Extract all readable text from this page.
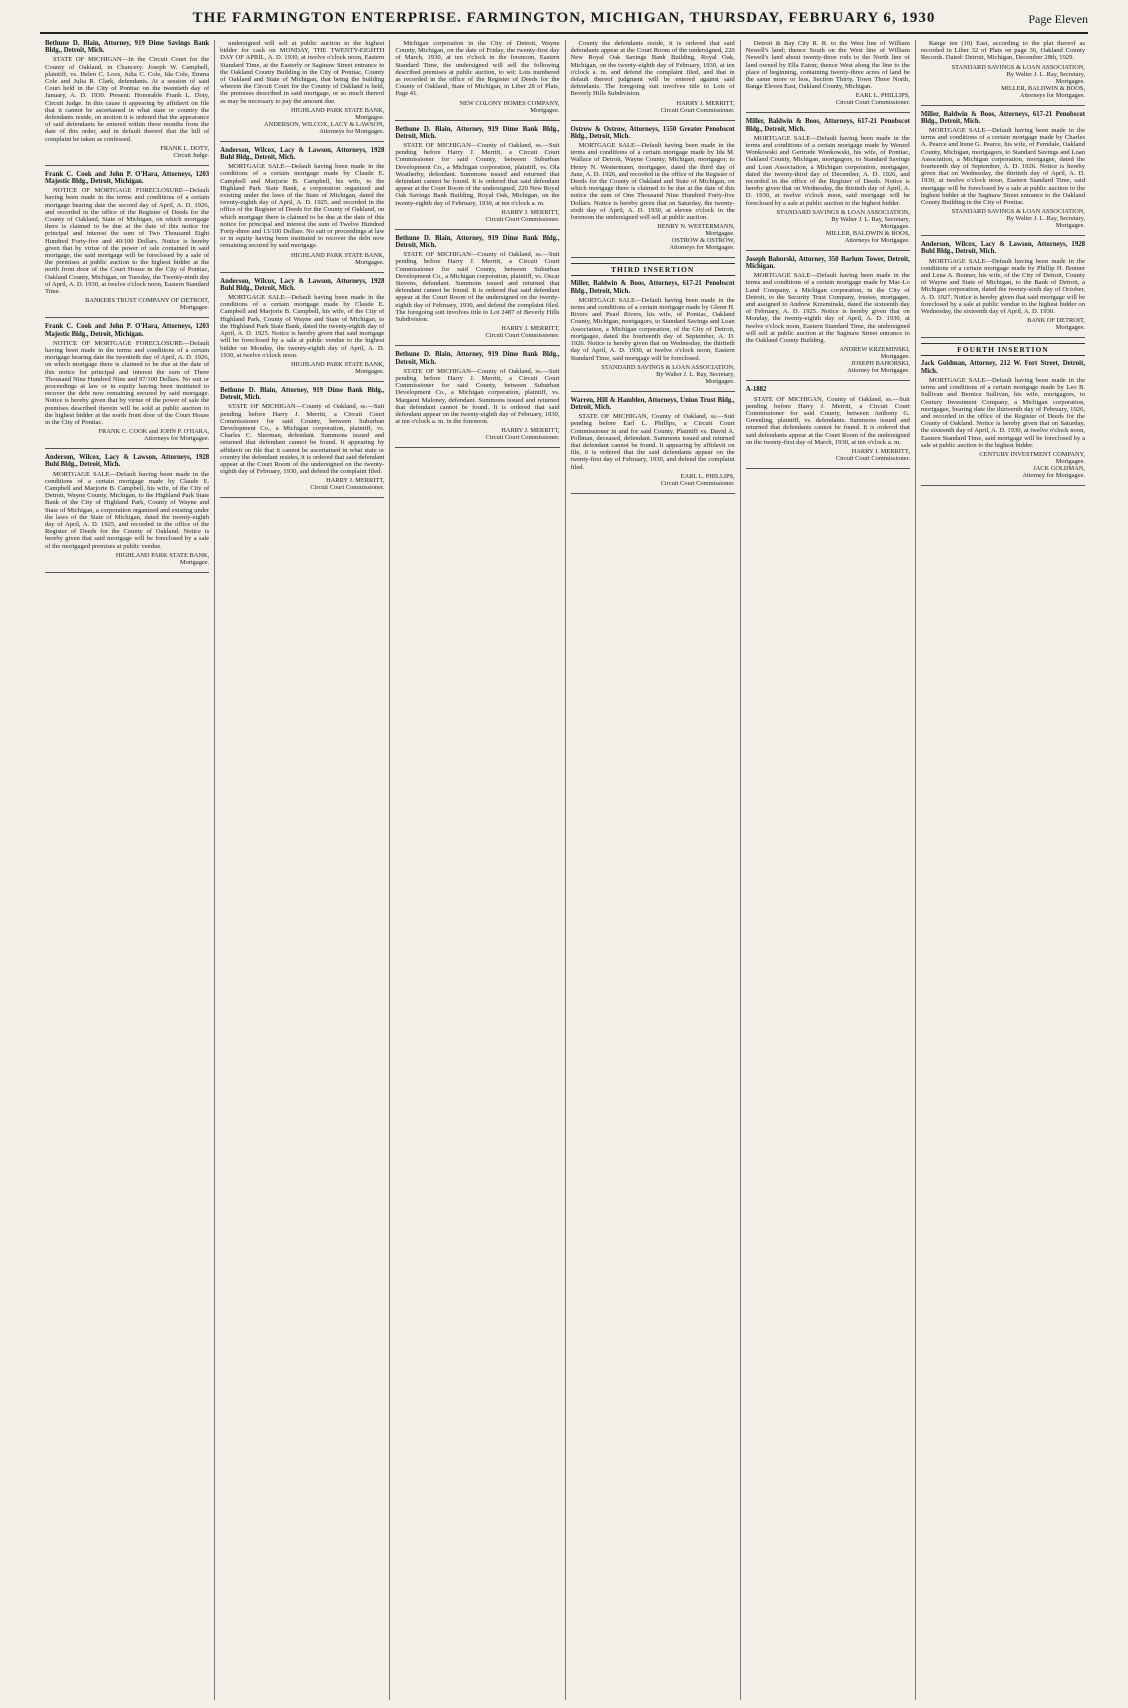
THE FARMINGTON ENTERPRISE. FARMINGTON, MICHIGAN, THURSDAY, FEBRUARY 6, 1930	Page Eleven
Bethune D. Blain, Attorney, 919 Dime Savings Bank Bldg., Detroit, Mich.
STATE OF MICHIGAN—In the Circuit Court for the County of Oakland, in Chancery. Joseph W. Campbell, plaintiff, vs. Helen C. Loos, Julia C. Cole, Ida Cole, Emma Cole and Julia R. Clark, defendants. At a session of said Court held in the City of Pontiac on the twentieth day of January, A. D. 1930. Present: Honorable Frank L. Doty, Circuit Judge. In this cause it appearing by affidavit on file that it cannot be ascertained in what state or country the defendants reside, on motion it is ordered that the appearance of said defendants be entered within three months from the date of this order, and in default thereof that the bill of complaint be taken as confessed.
FRANK L. DOTY,
Circuit Judge.
Frank C. Cook and John P. O'Hara, Attorneys, 1203 Majestic Bldg., Detroit, Michigan.
NOTICE OF MORTGAGE FORECLOSURE—Default having been made in the terms and conditions of a certain mortgage bearing date the second day of April, A. D. 1926, and recorded in the office of the Register of Deeds for the County of Oakland, State of Michigan, on which mortgage there is claimed to be due at the date of this notice for principal and interest the sum of Two Thousand Eight Hundred Forty-five and 40/100 Dollars. Notice is hereby given that by virtue of the power of sale contained in said mortgage, the said mortgage will be foreclosed by a sale of the premises at public auction to the highest bidder at the north front door of the Court House in the City of Pontiac, Oakland County, Michigan, on Tuesday, the Twenty-ninth day of April, A. D. 1930, at twelve o'clock noon, Eastern Standard Time.
BANKERS TRUST COMPANY OF DETROIT,
Mortgagee.
Frank C. Cook and John P. O'Hara, Attorneys, 1203 Majestic Bldg., Detroit, Michigan.
NOTICE OF MORTGAGE FORECLOSURE—Default having been made in the terms and conditions of a certain mortgage bearing date the twentieth day of April, A. D. 1926, on which mortgage there is claimed to be due at the date of this notice for principal and interest the sum of Three Thousand Nine Hundred Nine and 97/100 Dollars. No suit or proceedings at law or in equity having been instituted to recover the debt now remaining secured by said mortgage. Notice is hereby given that by virtue of the power of sale the premises described therein will be sold at public auction to the highest bidder at the north front door of the Court House in the City of Pontiac.
FRANK C. COOK and JOHN P. O'HARA,
Attorneys for Mortgagee.
Anderson, Wilcox, Lacy & Lawson, Attorneys, 1928 Buhl Bldg., Detroit, Mich.
MORTGAGE SALE—Default having been made in the conditions of a certain mortgage made by Claude E. Campbell and Marjorie B. Campbell, his wife, of the City of Detroit, Wayne County, Michigan, to the Highland Park State Bank of the City of Highland Park, County of Wayne and State of Michigan, a corporation organized and existing under the laws of the State of Michigan, dated the twenty-eighth day of April, A. D. 1925, and recorded in the office of the Register of Deeds for the County of Oakland. Notice is hereby given that said mortgage will be foreclosed by a sale of the mortgaged premises at public vendue.
HIGHLAND PARK STATE BANK,
Mortgagee.
undersigned will sell at public auction to the highest bidder for cash on MONDAY, THE TWENTY-EIGHTH DAY OF APRIL, A. D. 1930, at twelve o'clock noon, Eastern Standard Time, at the Easterly or Saginaw Street entrance to the Oakland County Building in the City of Pontiac, County of Oakland and State of Michigan, that being the building wherein the Circuit Court for the County of Oakland is held, the premises described in said mortgage, or so much thereof as may be necessary to pay the amount due.
HIGHLAND PARK STATE BANK,
Mortgagee.
ANDERSON, WILCOX, LACY & LAWSON,
Attorneys for Mortgagee.
Anderson, Wilcox, Lacy & Lawson, Attorneys, 1928 Buhl Bldg., Detroit, Mich.
MORTGAGE SALE—Default having been made in the conditions of a certain mortgage made by Claude E. Campbell and Marjorie B. Campbell, his wife, to the Highland Park State Bank, a corporation organized and existing under the laws of the State of Michigan, dated the twenty-eighth day of April, A. D. 1925, and recorded in the office of the Register of Deeds for the County of Oakland, on which mortgage there is claimed to be due at the date of this notice for principal and interest the sum of Twelve Hundred Forty-three and 13/100 Dollars. No suit or proceedings at law or in equity having been instituted to recover the debt now remaining secured by said mortgage.
HIGHLAND PARK STATE BANK,
Mortgagee.
Anderson, Wilcox, Lacy & Lawson, Attorneys, 1928 Buhl Bldg., Detroit, Mich.
MORTGAGE SALE—Default having been made in the conditions of a certain mortgage made by Claude E. Campbell and Marjorie B. Campbell, his wife, of the City of Highland Park, County of Wayne and State of Michigan, to the Highland Park State Bank, dated the twenty-eighth day of April, A. D. 1925. Notice is hereby given that said mortgage will be foreclosed by a sale at public vendue to the highest bidder on Monday, the twenty-eighth day of April, A. D. 1930, at twelve o'clock noon.
HIGHLAND PARK STATE BANK,
Mortgagee.
Bethune D. Blain, Attorney, 919 Dime Bank Bldg., Detroit, Mich.
STATE OF MICHIGAN—County of Oakland, ss.—Suit pending before Harry J. Merritt, a Circuit Court Commissioner for said County, between Suburban Development Co., a Michigan corporation, plaintiff, vs. Charles C. Sherman, defendant. Summons issued and returned that defendant cannot be found. It appearing by affidavit on file that it cannot be ascertained in what state or country the defendant resides, it is ordered that said defendant appear at the Court Room of the undersigned on the twenty-eighth day of February, 1930, and defend the complaint filed.
HARRY J. MERRITT,
Circuit Court Commissioner.
Michigan corporation in the City of Detroit, Wayne County, Michigan, on the date of Friday, the twenty-first day of March, 1930, at ten o'clock in the forenoon, Eastern Standard Time, the undersigned will sell the following described premises at public auction, to wit: Lots numbered as recorded in the office of the Register of Deeds for the County of Oakland, State of Michigan, in Liber 28 of Plats, Page 41.
NEW COLONY HOMES COMPANY,
Mortgagee.
Bethune D. Blain, Attorney, 919 Dime Bank Bldg., Detroit, Mich.
STATE OF MICHIGAN—County of Oakland, ss.—Suit pending before Harry J. Merritt, a Circuit Court Commissioner for said County, between Suburban Development Co., a Michigan corporation, plaintiff, vs. Ola Weatherby, defendant. Summons issued and returned that defendant cannot be found. It is ordered that said defendant appear at the Court Room of the undersigned, 220 New Royal Oak Savings Bank Building, Royal Oak, Michigan, on the twenty-eighth day of February, 1930, at ten o'clock a. m.
HARRY J. MERRITT,
Circuit Court Commissioner.
Bethune D. Blain, Attorney, 919 Dime Bank Bldg., Detroit, Mich.
STATE OF MICHIGAN—County of Oakland, ss.—Suit pending before Harry J. Merritt, a Circuit Court Commissioner for said County, between Suburban Development Co., a Michigan corporation, plaintiff, vs. Oscar Stevens, defendant. Summons issued and returned that defendant cannot be found. It is ordered that said defendant appear at the Court Room of the undersigned on the twenty-eighth day of February, 1930, and defend the complaint filed. The foregoing suit involves title to Lot 2487 of Beverly Hills Subdivision.
HARRY J. MERRITT,
Circuit Court Commissioner.
Bethune D. Blain, Attorney, 919 Dime Bank Bldg., Detroit, Mich.
STATE OF MICHIGAN—County of Oakland, ss.—Suit pending before Harry J. Merritt, a Circuit Court Commissioner for said County, between Suburban Development Co., a Michigan corporation, plaintiff, vs. Margaret Maloney, defendant. Summons issued and returned that defendant cannot be found. It is ordered that said defendant appear on the twenty-eighth day of February, 1930, at ten o'clock a. m. in the forenoon.
HARRY J. MERRITT,
Circuit Court Commissioner.
County the defendants reside, it is ordered that said defendants appear at the Court Room of the undersigned, 220 New Royal Oak Savings Bank Building, Royal Oak, Michigan, on the twenty-eighth day of February, 1930, at ten o'clock a. m. and defend the complaint filed, and that in default thereof judgment will be entered against said defendants. The foregoing suit involves title to Lots of Beverly Hills Subdivision.
HARRY J. MERRITT,
Circuit Court Commissioner.
Ostrow & Ostrow, Attorneys, 1550 Greater Penobscot Bldg., Detroit, Mich.
MORTGAGE SALE—Default having been made in the terms and conditions of a certain mortgage made by Ida M. Wallace of Detroit, Wayne County, Michigan, mortgagor, to Henry N. Westermann, mortgagee, dated the third day of June, A. D. 1926, and recorded in the office of the Register of Deeds for the County of Oakland and State of Michigan, on which mortgage there is claimed to be due at the date of this notice the sum of One Thousand Nine Hundred Forty-five Dollars. Notice is hereby given that on Saturday, the twenty-sixth day of April, A. D. 1930, at eleven o'clock in the forenoon the undersigned will sell at public auction.
HENRY N. WESTERMANN,
Mortgagee.
OSTROW & OSTROW,
Attorneys for Mortgagee.
THIRD INSERTION
Miller, Baldwin & Boos, Attorneys, 617-21 Penobscot Bldg., Detroit, Mich.
MORTGAGE SALE—Default having been made in the terms and conditions of a certain mortgage made by Glenn H. Rivers and Pearl Rivers, his wife, of Pontiac, Oakland County, Michigan, mortgagors, to Standard Savings and Loan Association, a Michigan corporation, of the City of Detroit, mortgagee, dated the fourteenth day of September, A. D. 1926. Notice is hereby given that on Wednesday, the thirtieth day of April, A. D. 1930, at twelve o'clock noon, Eastern Standard Time, said mortgage will be foreclosed.
STANDARD SAVINGS & LOAN ASSOCIATION,
By Walter J. L. Ray, Secretary,
Mortgagee.
Warren, Hill & Hamblen, Attorneys, Union Trust Bldg., Detroit, Mich.
STATE OF MICHIGAN, County of Oakland, ss.—Suit pending before Earl L. Phillips, a Circuit Court Commissioner in and for said County. Plaintiff vs. David A. Pollman, deceased, defendant. Summons issued and returned that defendant cannot be found. It appearing by affidavit on file, it is ordered that the said defendants appear on the twenty-first day of February, 1930, and defend the complaint filed.
EARL L. PHILLIPS,
Circuit Court Commissioner.
Detroit & Bay City R. R. to the West line of William Newell's land; thence South on the West line of William Newell's land about twenty-three rods to the North line of land owned by Ella Eaton; thence West along the line to the place of beginning, containing twenty-three acres of land be the same more or less, Section Thirty, Town Three North, Range Eleven East, Oakland County, Michigan.
EARL L. PHILLIPS,
Circuit Court Commissioner.
Miller, Baldwin & Boos, Attorneys, 617-21 Penobscot Bldg., Detroit, Mich.
MORTGAGE SALE—Default having been made in the terms and conditions of a certain mortgage made by Wenzel Wonkowski and Gertrude Wonkowski, his wife, of Pontiac, Oakland County, Michigan, mortgagors, to Standard Savings and Loan Association, a Michigan corporation, mortgagee, dated the twenty-third day of December, A. D. 1926, and recorded in the office of the Register of Deeds. Notice is hereby given that on Wednesday, the thirtieth day of April, A. D. 1930, at twelve o'clock noon, said mortgage will be foreclosed by a sale at public auction to the highest bidder.
STANDARD SAVINGS & LOAN ASSOCIATION,
By Walter J. L. Ray, Secretary,
Mortgagee.
MILLER, BALDWIN & BOOS,
Attorneys for Mortgagee.
Joseph Bahorski, Attorney, 350 Barlum Tower, Detroit, Michigan.
MORTGAGE SALE—Default having been made in the terms and conditions of a certain mortgage made by Mac-Lo Land Company, a Michigan corporation, in the City of Detroit, to the Security Trust Company, trustee, mortgagee, and assigned to Andrew Krzeminski, dated the sixteenth day of February, A. D. 1925. Notice is hereby given that on Monday, the twenty-eighth day of April, A. D. 1930, at twelve o'clock noon, Eastern Standard Time, the undersigned will sell at public auction at the Saginaw Street entrance to the Oakland County Building.
ANDREW KRZEMINSKI,
Mortgagee.
JOSEPH BAHORSKI,
Attorney for Mortgagee.
A-1882
STATE OF MICHIGAN, County of Oakland, ss.—Suit pending before Harry J. Merritt, a Circuit Court Commissioner for said County, between Anthony G. Greenling, plaintiff, vs. defendants. Summons issued and returned that defendants cannot be found. It is ordered that said defendants appear at the Court Room of the undersigned on the twenty-first day of March, 1930, at ten o'clock a. m.
HARRY J. MERRITT,
Circuit Court Commissioner.
Range ten (10) East, according to the plat thereof as recorded in Liber 32 of Plats on page 36, Oakland County Records. Dated: Detroit, Michigan, December 28th, 1929.
STANDARD SAVINGS & LOAN ASSOCIATION,
By Walter J. L. Ray, Secretary,
Mortgagee.
MILLER, BALDWIN & BOOS,
Attorneys for Mortgagee.
Miller, Baldwin & Boos, Attorneys, 617-21 Penobscot Bldg., Detroit, Mich.
MORTGAGE SALE—Default having been made in the terms and conditions of a certain mortgage made by Charles A. Pearce and Irene G. Pearce, his wife, of Ferndale, Oakland County, Michigan, mortgagors, to Standard Savings and Loan Association, a Michigan corporation, mortgagee, dated the fourteenth day of September, A. D. 1926. Notice is hereby given that on Wednesday, the thirtieth day of April, A. D. 1930, at twelve o'clock noon, Eastern Standard Time, said mortgage will be foreclosed by a sale at public auction to the highest bidder at the Saginaw Street entrance to the Oakland County Building in the City of Pontiac.
STANDARD SAVINGS & LOAN ASSOCIATION,
By Walter J. L. Ray, Secretary,
Mortgagee.
Anderson, Wilcox, Lacy & Lawson, Attorneys, 1928 Buhl Bldg., Detroit, Mich.
MORTGAGE SALE—Default having been made in the conditions of a certain mortgage made by Phillip H. Bonner and Lena A. Bonner, his wife, of the City of Detroit, County of Wayne and State of Michigan, to the Bank of Detroit, a Michigan corporation, dated the twenty-sixth day of October, A. D. 1927. Notice is hereby given that said mortgage will be foreclosed by a sale at public vendue to the highest bidder on Wednesday, the sixteenth day of April, A. D. 1930.
BANK OF DETROIT,
Mortgagee.
FOURTH INSERTION
Jack Goldman, Attorney, 212 W. Fort Street, Detroit, Mich.
MORTGAGE SALE—Default having been made in the terms and conditions of a certain mortgage made by Leo B. Sullivan and Bernice Sullivan, his wife, mortgagors, to Century Investment Company, a Michigan corporation, mortgagee, bearing date the thirteenth day of February, 1926, and recorded in the office of the Register of Deeds for the County of Oakland. Notice is hereby given that on Saturday, the sixteenth day of April, A. D. 1930, at twelve o'clock noon, Eastern Standard Time, said mortgage will be foreclosed by a sale at public auction to the highest bidder.
CENTURY INVESTMENT COMPANY,
Mortgagee.
JACK GOLDMAN,
Attorney for Mortgagee.
